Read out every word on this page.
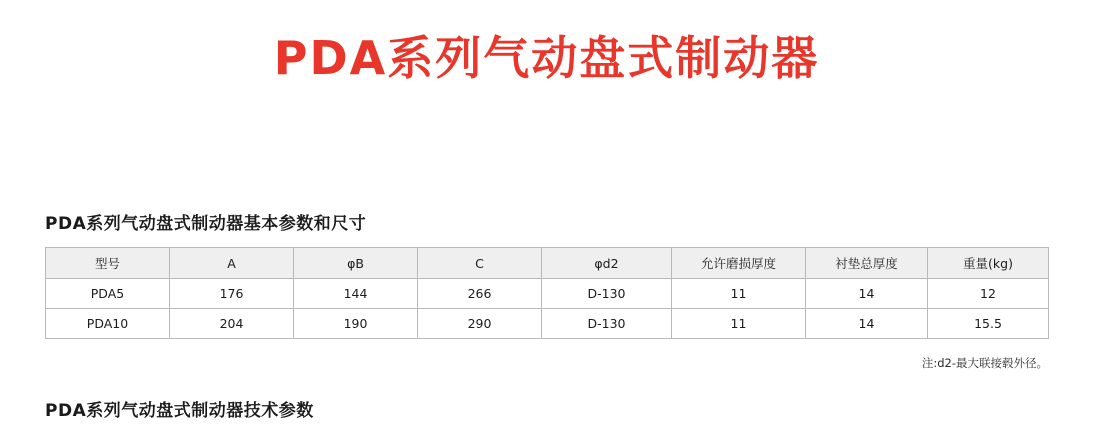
PDA系列气动盘式制动器
PDA系列气动盘式制动器基本参数和尺寸
型号	A	φB	C	φd2	允许磨损厚度	衬垫总厚度	重量(kg)
PDA5	176	144	266	D-130	11	14	12
PDA10	204	190	290	D-130	11	14	15.5
注:d2-最大联接毂外径。
PDA系列气动盘式制动器技术参数
